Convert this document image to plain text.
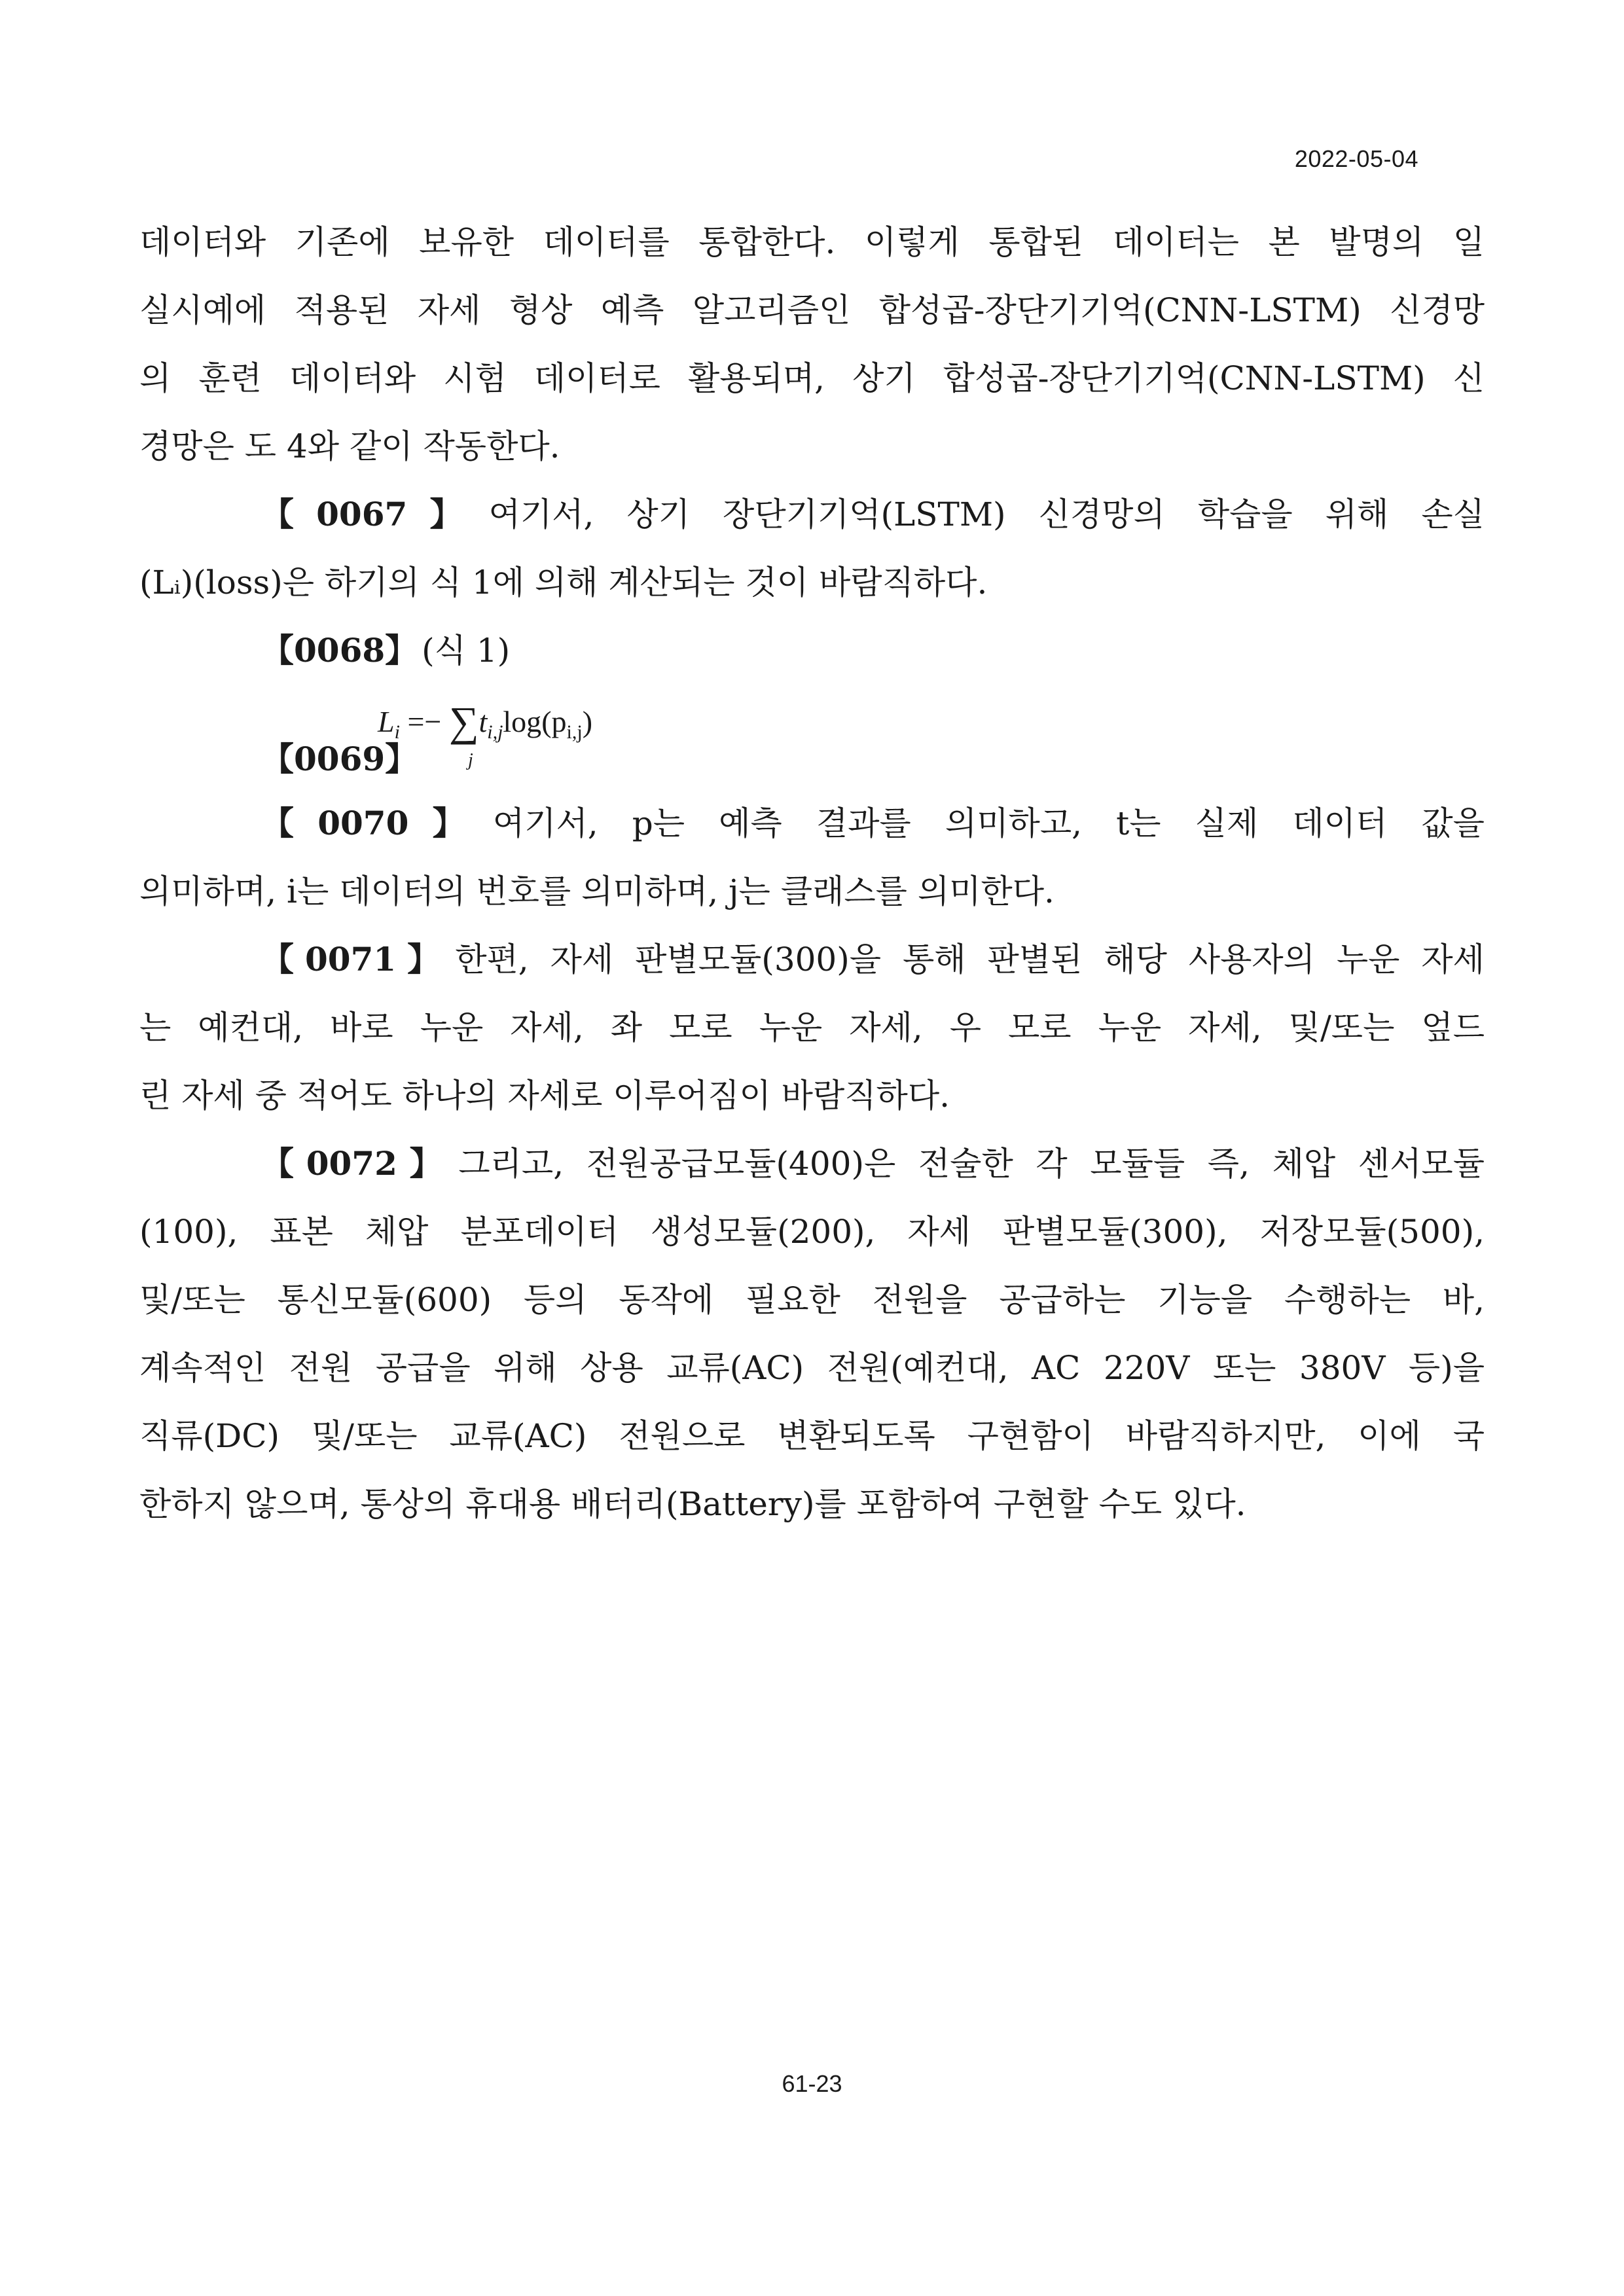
2022-05-04
데이터와 기존에 보유한 데이터를 통합한다. 이렇게 통합된 데이터는 본 발명의 일
실시예에 적용된 자세 형상 예측 알고리즘인 합성곱-장단기기억(CNN-LSTM) 신경망
의 훈련 데이터와 시험 데이터로 활용되며, 상기 합성곱-장단기기억(CNN-LSTM) 신
경망은 도 4와 같이 작동한다.
【0067】 여기서, 상기 장단기기억(LSTM) 신경망의 학습을 위해 손실
(Lᵢ)(loss)은 하기의 식 1에 의해 계산되는 것이 바람직하다.
【0068】 (식 1)
【0069】
$L_i =- \sum t_{i,j}\log(p_{i,j})$
j
【0070】 여기서, p는 예측 결과를 의미하고, t는 실제 데이터 값을
의미하며, i는 데이터의 번호를 의미하며, j는 클래스를 의미한다.
【0071】 한편, 자세 판별모듈(300)을 통해 판별된 해당 사용자의 누운 자세
는 예컨대, 바로 누운 자세, 좌 모로 누운 자세, 우 모로 누운 자세, 및/또는 엎드
린 자세 중 적어도 하나의 자세로 이루어짐이 바람직하다.
【0072】 그리고, 전원공급모듈(400)은 전술한 각 모듈들 즉, 체압 센서모듈
(100), 표본 체압 분포데이터 생성모듈(200), 자세 판별모듈(300), 저장모듈(500),
및/또는 통신모듈(600) 등의 동작에 필요한 전원을 공급하는 기능을 수행하는 바,
계속적인 전원 공급을 위해 상용 교류(AC) 전원(예컨대, AC 220V 또는 380V 등)을
직류(DC) 및/또는 교류(AC) 전원으로 변환되도록 구현함이 바람직하지만, 이에 국
한하지 않으며, 통상의 휴대용 배터리(Battery)를 포함하여 구현할 수도 있다.
61-23
